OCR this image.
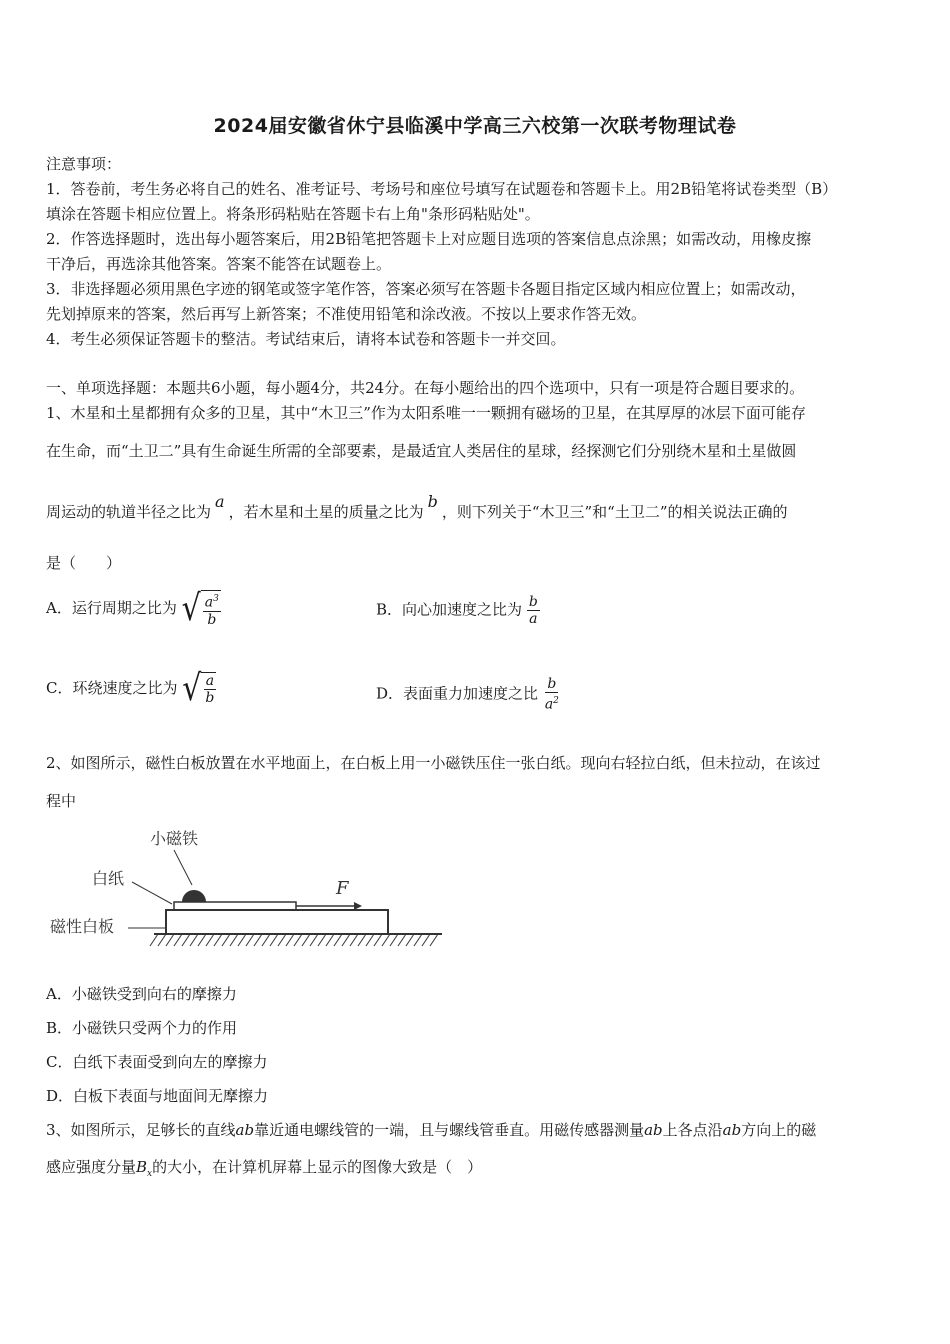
2024届安徽省休宁县临溪中学高三六校第一次联考物理试卷
注意事项：
1．答卷前，考生务必将自己的姓名、准考证号、考场号和座位号填写在试题卷和答题卡上。用2B铅笔将试卷类型（B）
填涂在答题卡相应位置上。将条形码粘贴在答题卡右上角"条形码粘贴处"。
2．作答选择题时，选出每小题答案后，用2B铅笔把答题卡上对应题目选项的答案信息点涂黑；如需改动，用橡皮擦
干净后，再选涂其他答案。答案不能答在试题卷上。
3．非选择题必须用黑色字迹的钢笔或签字笔作答，答案必须写在答题卡各题目指定区域内相应位置上；如需改动，
先划掉原来的答案，然后再写上新答案；不准使用铅笔和涂改液。不按以上要求作答无效。
4．考生必须保证答题卡的整洁。考试结束后，请将本试卷和答题卡一并交回。
一、单项选择题：本题共6小题，每小题4分，共24分。在每小题给出的四个选项中，只有一项是符合题目要求的。
1、木星和土星都拥有众多的卫星，其中“木卫三”作为太阳系唯一一颗拥有磁场的卫星，在其厚厚的冰层下面可能存
在生命，而“土卫二”具有生命诞生所需的全部要素，是最适宜人类居住的星球，经探测它们分别绕木星和土星做圆
周运动的轨道半径之比为a，若木星和土星的质量之比为b，则下列关于“木卫三”和“土卫二”的相关说法正确的
是（　　）
A．运行周期之比为 √ $\frac{a^3}{b}$	B．向心加速度之比为 $\frac{b}{a}$
C．环绕速度之比为 √ $\frac{a}{b}$	D．表面重力加速度之比 $\frac{b}{a^2}$
2、如图所示，磁性白板放置在水平地面上，在白板上用一小磁铁压住一张白纸。现向右轻拉白纸，但未拉动，在该过
程中
小磁铁
白纸
磁性白板
F
A．小磁铁受到向右的摩擦力
B．小磁铁只受两个力的作用
C．白纸下表面受到向左的摩擦力
D．白板下表面与地面间无摩擦力
3、如图所示，足够长的直线ab靠近通电螺线管的一端，且与螺线管垂直。用磁传感器测量ab上各点沿ab方向上的磁
感应强度分量$B_x$的大小，在计算机屏幕上显示的图像大致是（　）
